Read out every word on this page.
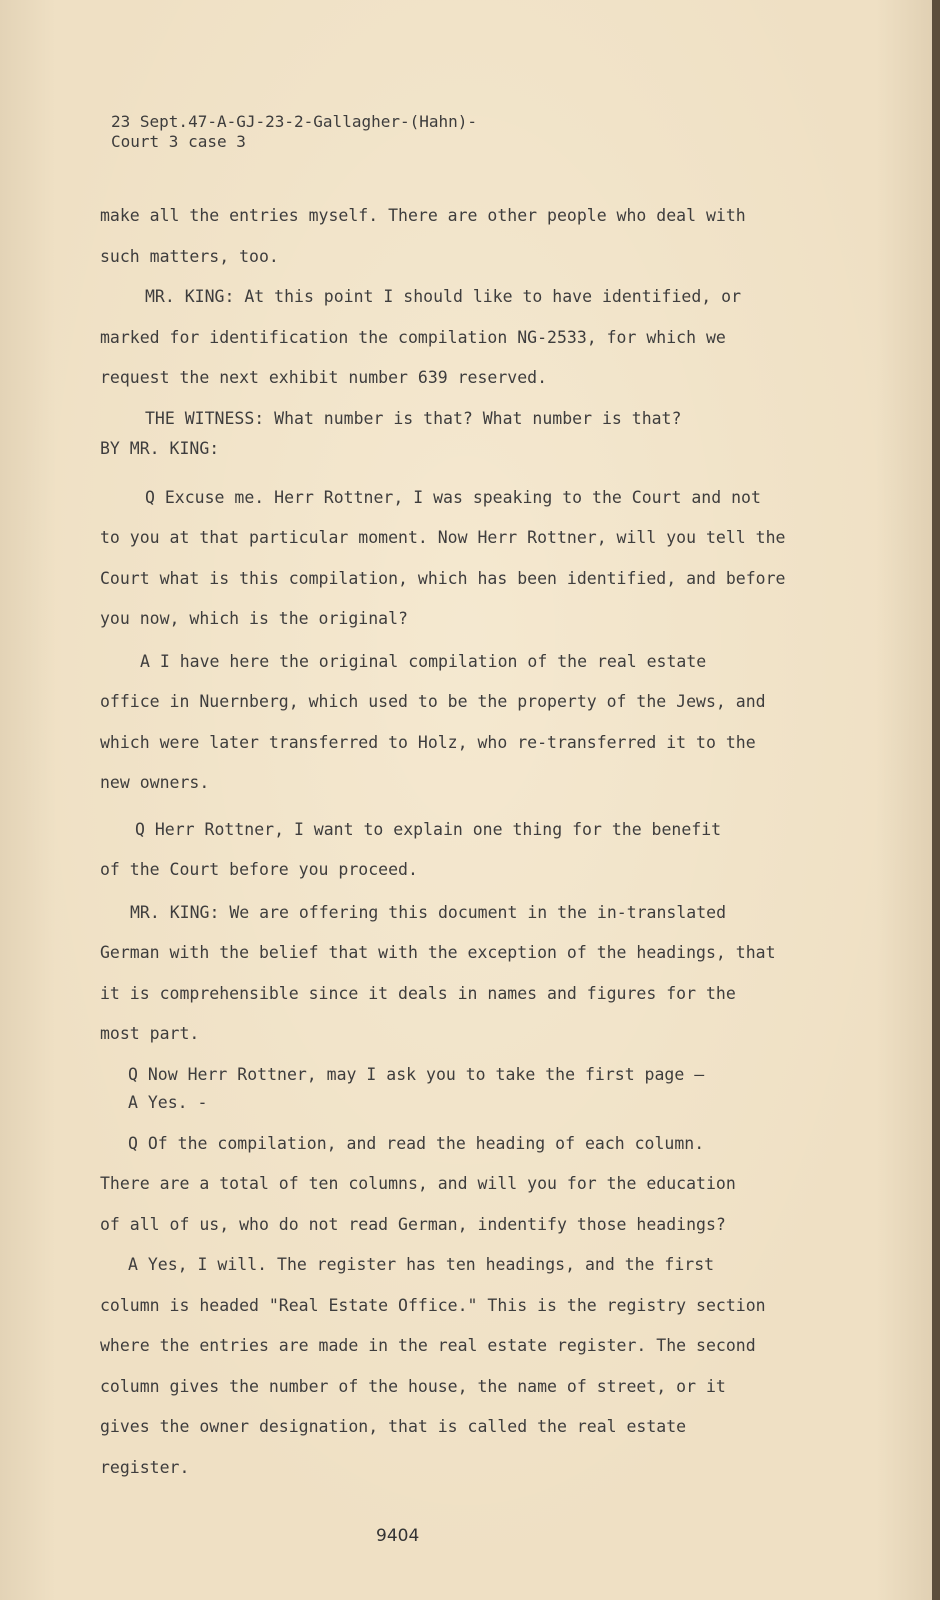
23 Sept.47-A-GJ-23-2-Gallagher-(Hahn)-
Court 3 case 3
make all the entries myself. There are other people who deal with
such matters, too.
MR. KING: At this point I should like to have identified, or
marked for identification the compilation NG-2533, for which we
request the next exhibit number 639 reserved.
THE WITNESS: What number is that? What number is that?
BY MR. KING:
Q Excuse me. Herr Rottner, I was speaking to the Court and not
to you at that particular moment. Now Herr Rottner, will you tell the
Court what is this compilation, which has been identified, and before
you now, which is the original?
A I have here the original compilation of the real estate
office in Nuernberg, which used to be the property of the Jews, and
which were later transferred to Holz, who re-transferred it to the
new owners.
Q Herr Rottner, I want to explain one thing for the benefit
of the Court before you proceed.
MR. KING: We are offering this document in the in-translated
German with the belief that with the exception of the headings, that
it is comprehensible since it deals in names and figures for the
most part.
Q Now Herr Rottner, may I ask you to take the first page —
A Yes. -
Q Of the compilation, and read the heading of each column.
There are a total of ten columns, and will you for the education
of all of us, who do not read German, indentify those headings?
A Yes, I will. The register has ten headings, and the first
column is headed "Real Estate Office." This is the registry section
where the entries are made in the real estate register. The second
column gives the number of the house, the name of street, or it
gives the owner designation, that is called the real estate
register.
9404
